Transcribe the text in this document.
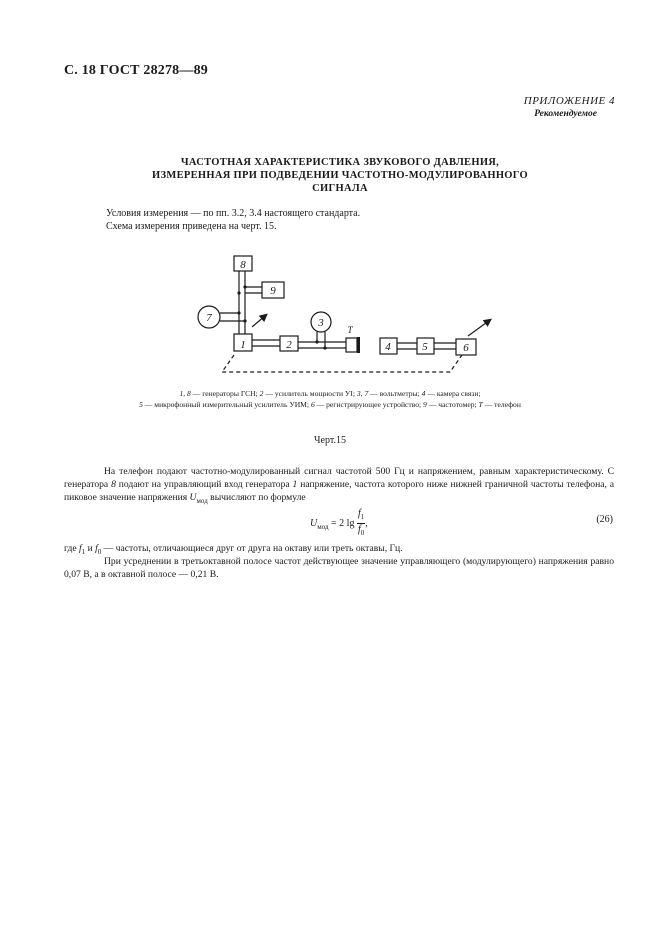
С. 18 ГОСТ 28278—89
ПРИЛОЖЕНИЕ 4
Рекомендуемое
ЧАСТОТНАЯ ХАРАКТЕРИСТИКА ЗВУКОВОГО ДАВЛЕНИЯ,
ИЗМЕРЕННАЯ ПРИ ПОДВЕДЕНИИ ЧАСТОТНО-МОДУЛИРОВАННОГО
СИГНАЛА
Условия измерения — по пп. 3.2, 3.4 настоящего стандарта.
Схема измерения приведена на черт. 15.
1	2
3
4	5	6
7
8
9
T
1, 8 — генераторы ГСН; 2 — усилитель мощности УI; 3, 7 — вольтметры; 4 — камера связи;
5 — микрофонный измерительный усилитель УИМ; 6 — регистрирующее устройство; 9 — частотомер; T — телефон
Черт.15
На телефон подают частотно-модулированный сигнал частотой 500 Гц и напряжением, равным характеристическому. С генератора 8 подают на управляющий вход генератора 1 напряжение, частота которого ниже нижней граничной частоты телефона, а пиковое значение напряжения $U_{мод}$ вычисляют по формуле
$U_{мод} = 2$ $\lg \frac{f_1}{f_0}$ ,	(26)
где $f_1$ и $f_0$ — частоты, отличающиеся друг от друга на октаву или треть октавы, Гц.
При усреднении в третьоктавной полосе частот действующее значение управляющего (модулирующего) напряжения равно 0,07 В, а в октавной полосе — 0,21 В.
